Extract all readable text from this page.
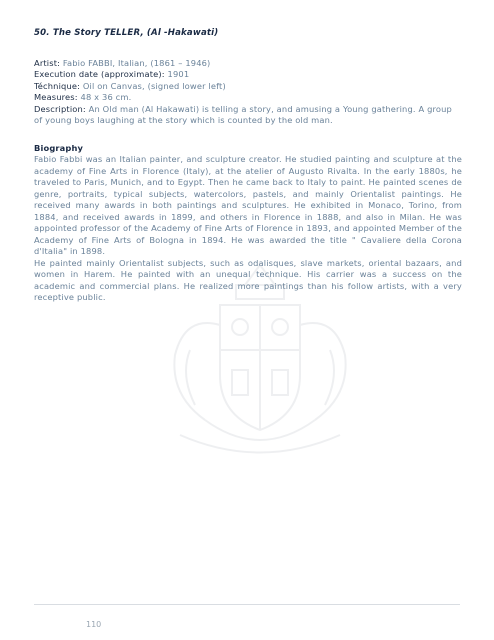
50. The Story TELLER, (Al -Hakawati)

Artist: Fabio FABBI, Italian, (1861 – 1946)

Execution date (approximate): 1901

Téchnique: Oil on Canvas, (signed lower left)

Measures: 48 x 36 cm.

Description: An Old man (Al Hakawati) is telling a story, and amusing a Young gathering. A group of young boys laughing at the story which is counted by the old man.

Biography

Fabio Fabbi was an Italian painter, and sculpture creator. He studied painting and sculpture at the academy of Fine Arts in Florence (Italy), at the atelier of Augusto Rivalta. In the early 1880s, he traveled to Paris, Munich, and to Egypt. Then he came back to Italy to paint. He painted scenes de genre, portraits, typical subjects, watercolors, pastels, and mainly Orientalist paintings. He received many awards in both paintings and sculptures. He exhibited in Monaco, Torino, from 1884, and received awards in 1899, and others in Florence in 1888, and also in Milan. He was appointed professor of the Academy of Fine Arts of Florence in 1893, and appointed Member of the Academy of Fine Arts of Bologna in 1894. He was awarded the title " Cavaliere della Corona d'Italia" in 1898.

He painted mainly Orientalist subjects, such as odalisques, slave markets, oriental bazaars, and women in Harem. He painted with an unequal technique. His carrier was a success on the academic and commercial plans. He realized more paintings than his follow artists, with a very receptive public.

110
